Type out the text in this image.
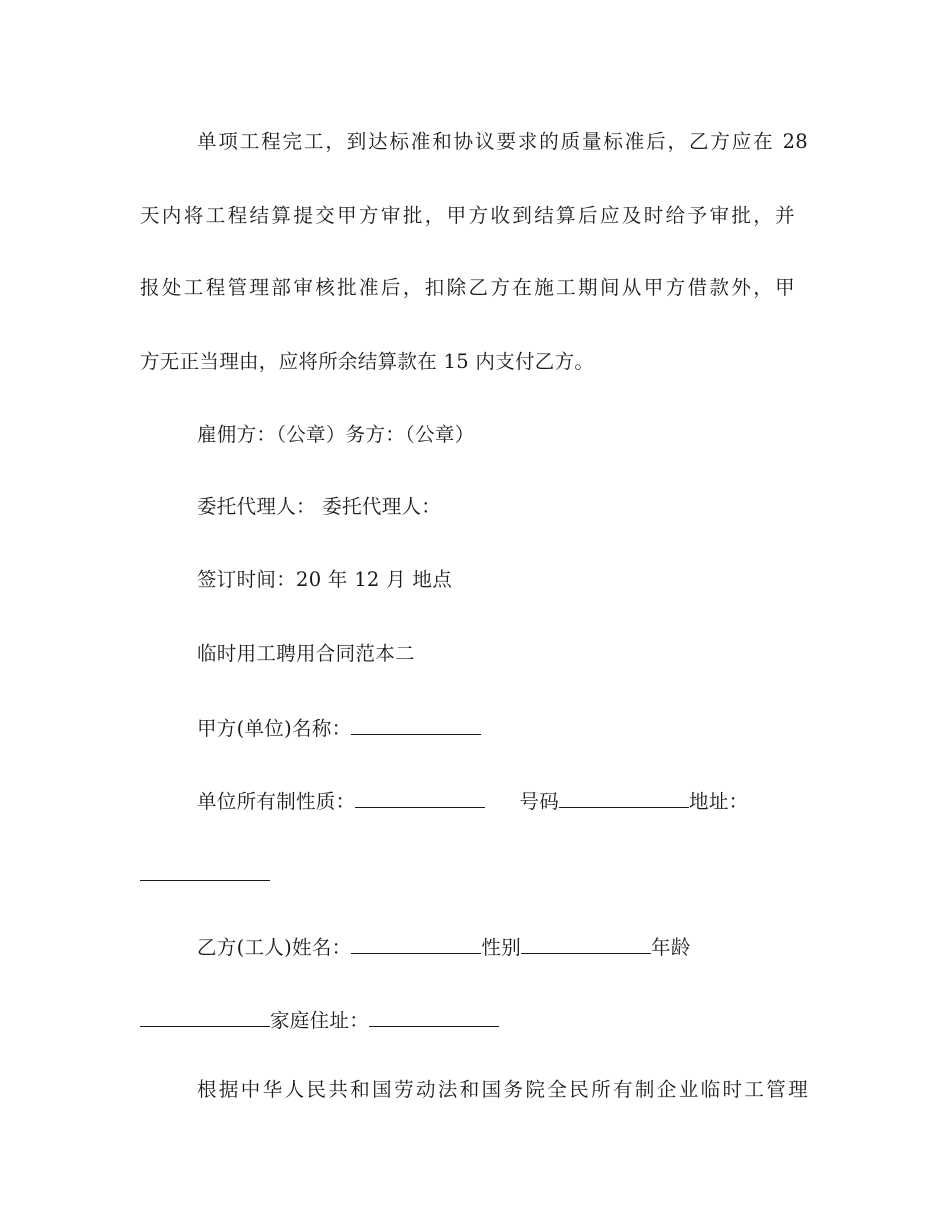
单项工程完工，到达标准和协议要求的质量标准后，乙方应在 28
天内将工程结算提交甲方审批，甲方收到结算后应及时给予审批，并
报处工程管理部审核批准后，扣除乙方在施工期间从甲方借款外，甲
方无正当理由，应将所余结算款在 15 内支付乙方。
雇佣方：（公章）务方：（公章）
委托代理人： 委托代理人：
签订时间：20 年 12 月 地点
临时用工聘用合同范本二
甲方(单位)名称：
单位所有制性质：	号码	地址：
乙方(工人)姓名：	性别	年龄
家庭住址：
根据中华人民共和国劳动法和国务院全民所有制企业临时工管理
